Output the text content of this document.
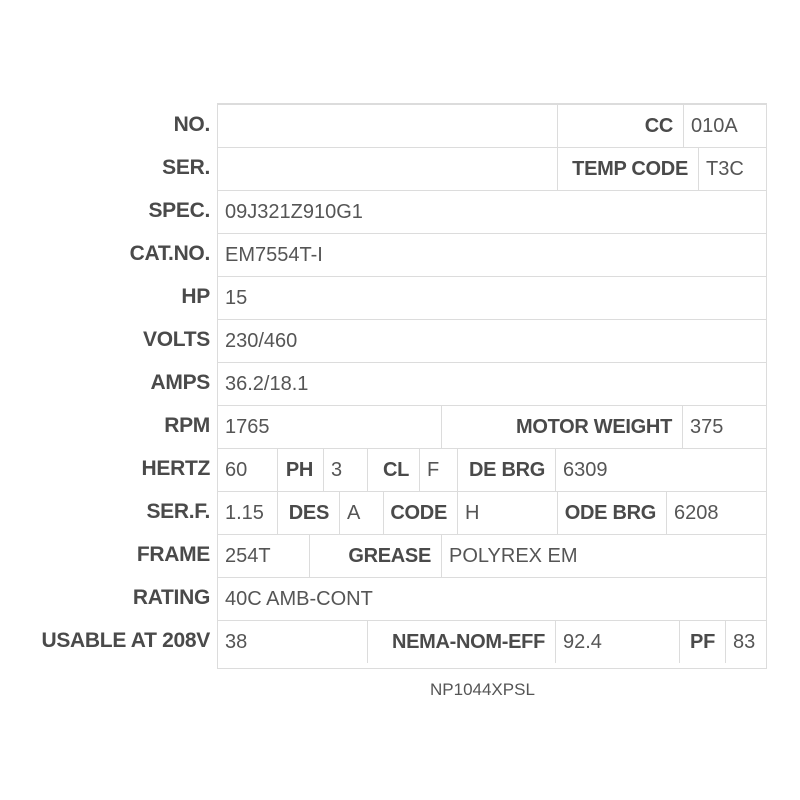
NO.	CC 010A
SER.	TEMP CODE T3C
SPEC. 09J321Z910G1
CAT.NO. EM7554T-I
HP 15
VOLTS 230/460
AMPS 36.2/18.1
RPM 1765	MOTOR WEIGHT 375
HERTZ 60	PH 3	CL F	DE BRG 6309
SER.F. 1.15	DES A	CODE H	ODE BRG 6208
FRAME 254T	GREASE POLYREX EM
RATING 40C AMB-CONT
USABLE AT 208V 38	NEMA-NOM-EFF 92.4	PF 83
NP1044XPSL
